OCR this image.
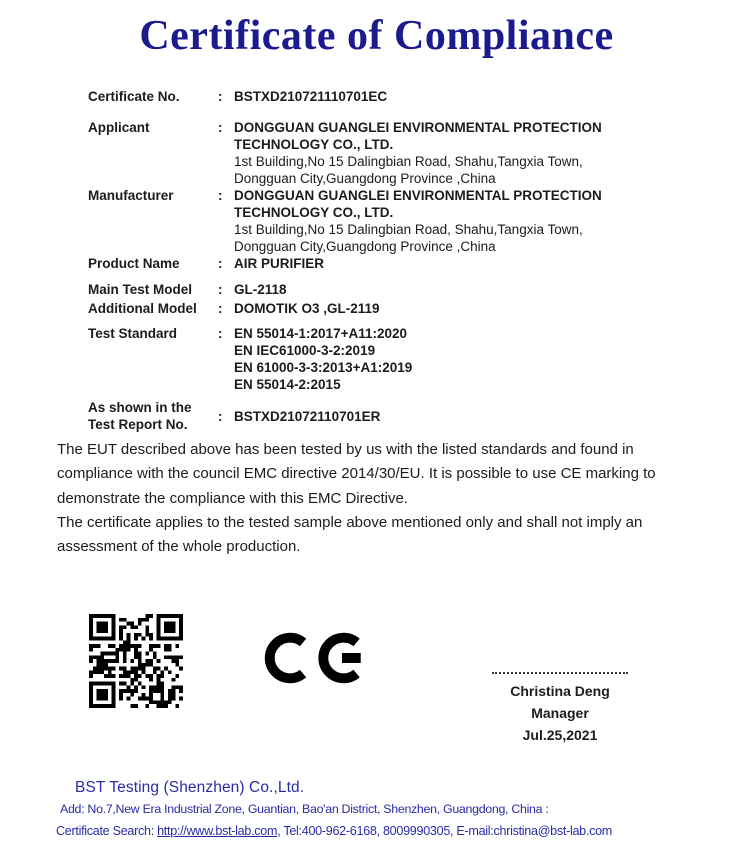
Certificate of Compliance
Certificate No.	: BSTXD210721110701EC
Applicant	: DONGGUAN GUANGLEI ENVIRONMENTAL PROTECTION
TECHNOLOGY CO., LTD.
1st Building,No 15 Dalingbian Road, Shahu,Tangxia Town,
Dongguan City,Guangdong Province ,China
Manufacturer	: DONGGUAN GUANGLEI ENVIRONMENTAL PROTECTION
TECHNOLOGY CO., LTD.
1st Building,No 15 Dalingbian Road, Shahu,Tangxia Town,
Dongguan City,Guangdong Province ,China
Product Name	: AIR PURIFIER
Main Test Model	: GL-2118
Additional Model	: DOMOTIK O3 ,GL-2119
Test Standard	: EN 55014-1:2017+A11:2020
EN IEC61000-3-2:2019
EN 61000-3-3:2013+A1:2019
EN 55014-2:2015
As shown in the
Test Report No.
: BSTXD21072110701ER
The EUT described above has been tested by us with the listed standards and found in compliance with the council EMC directive 2014/30/EU. It is possible to use CE marking to demonstrate the compliance with this EMC Directive.
The certificate applies to the tested sample above mentioned only and shall not imply an assessment of the whole production.
Christina Deng
Manager
Jul.25,2021
BST Testing (Shenzhen) Co.,Ltd.
Add: No.7,New Era Industrial Zone, Guantian, Bao'an District, Shenzhen, Guangdong, China :
Certificate Search: http://www.bst-lab.com, Tel:400-962-6168, 8009990305, E-mail:christina@bst-lab.com
